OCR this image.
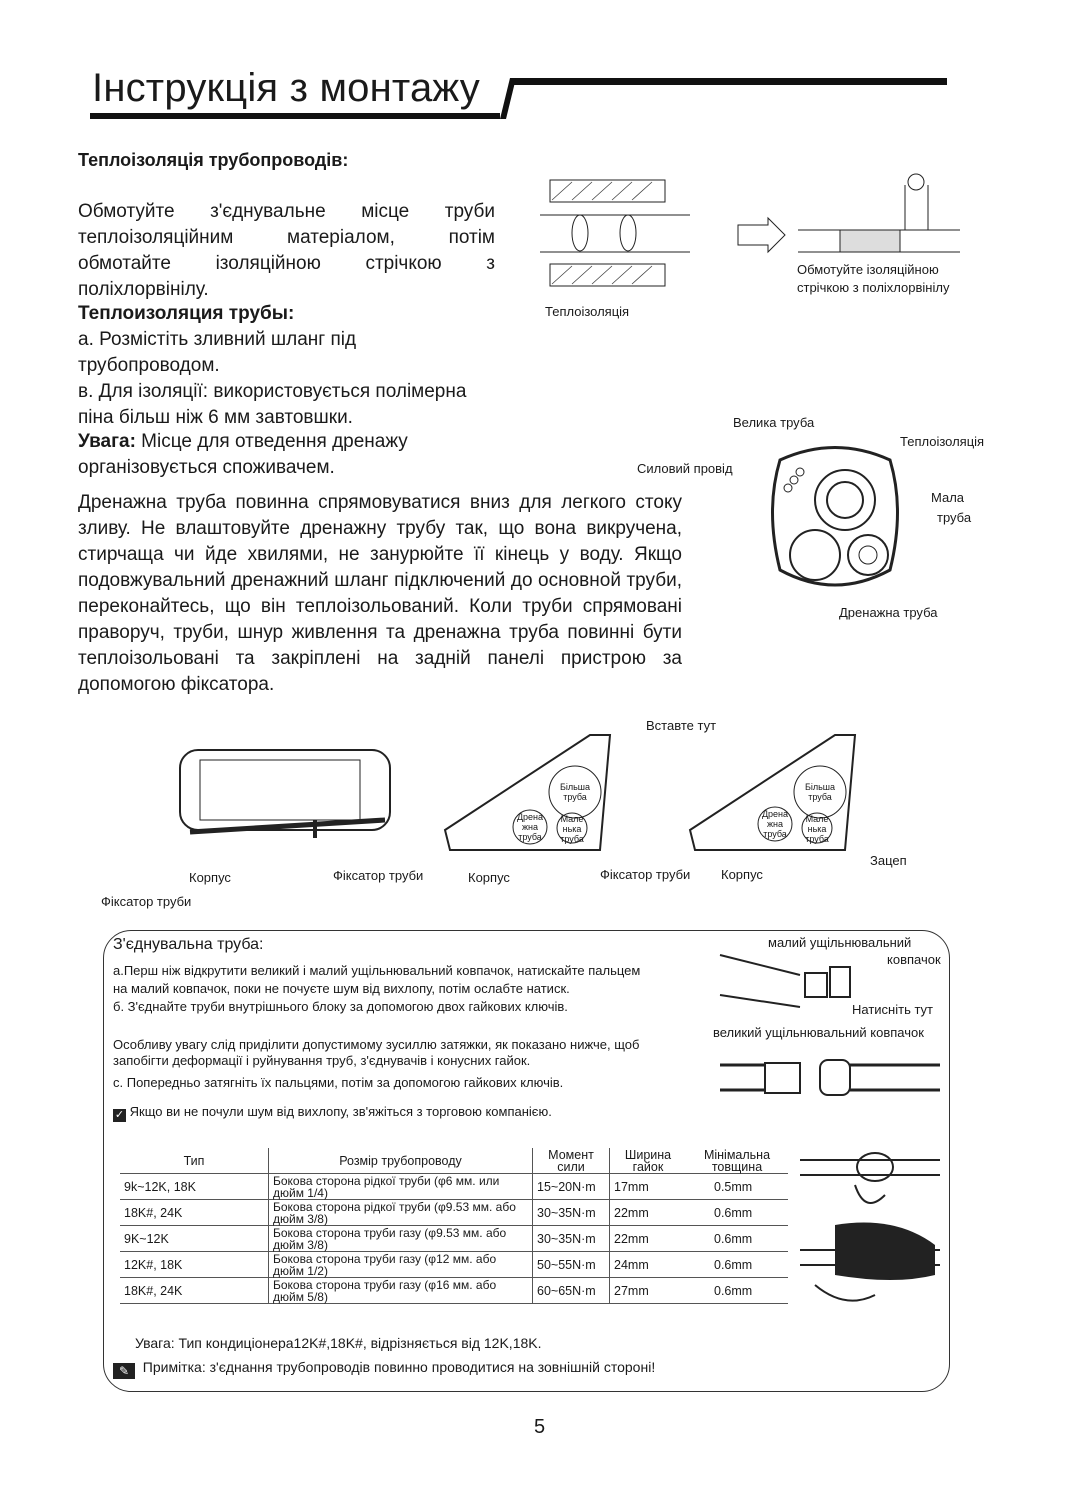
Інструкція з монтажу
Теплоізоляція трубопроводів:
Обмотуйте з'єднувальне місце труби теплоізоляційним матеріалом, потім обмотайте ізоляційною стрічкою з поліхлорвінілу.
Теплоизоляция трубы:
а. Розмістіть зливний шланг під трубопроводом.
в. Для ізоляції: використовується полімерна піна більш ніж 6 мм завтовшки.
Увага: Місце для отведення дренажу організовується споживачем.
Дренажна труба повинна спрямовуватися вниз для легкого стоку зливу. Не влаштовуйте дренажну трубу так, що вона викручена, стирчаща чи йде хвилями, не занурюйте її кінець у воду. Якщо подовжувальний дренажний шланг підключений до основной труби, переконайтесь, що він теплоізольований. Коли труби спрямовані праворуч, труби, шнур живлення та дренажна труба повинні бути теплоізольовані та закріплені на задній панелі пристрою за допомогою фіксатора.
Теплоізоляція
Обмотуйте ізоляційною
стрічкою з поліхлорвінілу
Велика труба
Теплоізоляція
Силовий провід
Мала
труба
Дренажна труба
Більша труба
Дрена жна труба
Мале нька труба
Більша труба
Дрена жна труба
Мале нька труба
Вставте тут
Корпус	Фіксатор труби	Корпус	Фіксатор труби Корпус
Зацеп
Фіксатор труби
З'єднувальна труба:
а.Перш ніж відкрутити великий і малий ущільнювальний ковпачок, натискайте пальцем
на малий ковпачок, поки не почуєте шум від вихлопу, потім ослабте натиск.
б. З'єднайте труби внутрішнього блоку за допомогою двох гайкових ключів.
Особливу увагу слід приділити допустимому зусиллю затяжки, як показано нижче, щоб
запобігти деформації і руйнування труб, з'єднувачів і конусних гайок.
с. Попередньо затягніть їх пальцями, потім за допомогою гайкових ключів.
✓ Якщо ви не почули шум від вихлопу, зв'яжіться з торговою компанією.
малий ущільнювальний
ковпачок
Натисніть тут
великий ущільнювальний ковпачок
Тип	Розмір трубопроводу	Момент сили	Ширина гайок	Мінімальна товщина
9k~12K, 18K	Бокова сторона рідкої труби (φ6 мм. или дюйм 1/4)	15~20N·m	17mm	0.5mm
18K#, 24K	Бокова сторона рідкої труби (φ9.53 мм. або дюйм 3/8)	30~35N·m	22mm	0.6mm
9K~12K	Бокова сторона труби газу (φ9.53 мм. або дюйм 3/8)	30~35N·m	22mm	0.6mm
12K#, 18K	Бокова сторона труби газу (φ12 мм. або дюйм 1/2)	50~55N·m	24mm	0.6mm
18K#, 24K	Бокова сторона труби газу (φ16 мм. або дюйм 5/8)	60~65N·m	27mm	0.6mm
Увага: Тип кондиціонера12K#,18K#, відрізняється від 12K,18K.
✎ Примітка: з'єднання трубопроводів повинно проводитися на зовнішній стороні!
5
